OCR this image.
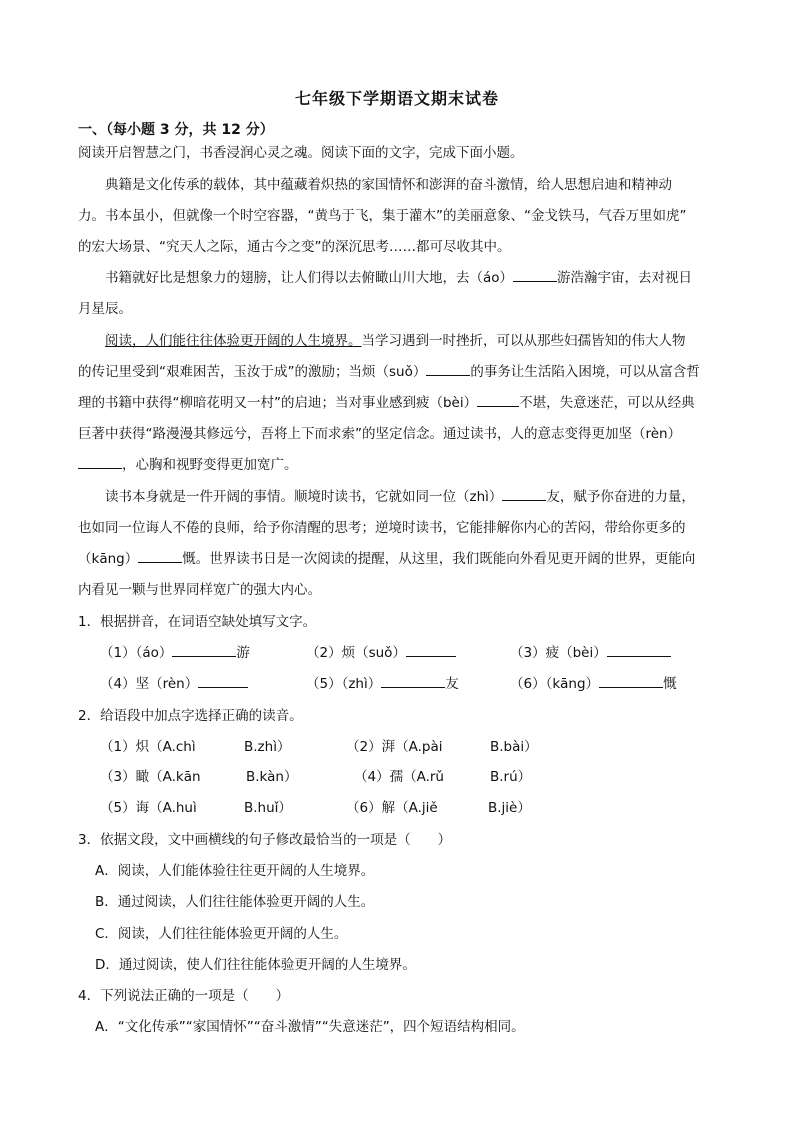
七年级下学期语文期末试卷
一、（每小题 3 分，共 12 分）
阅读开启智慧之门，书香浸润心灵之魂。阅读下面的文字，完成下面小题。
典籍是文化传承的载体，其中蕴藏着炽热的家国情怀和澎湃的奋斗激情，给人思想启迪和精神动
力。书本虽小，但就像一个时空容器，“黄鸟于飞，集于灌木”的美丽意象、“金戈铁马，气吞万里如虎”
的宏大场景、“究天人之际，通古今之变”的深沉思考……都可尽收其中。
书籍就好比是想象力的翅膀，让人们得以去俯瞰山川大地，去（áo）	游浩瀚宇宙，去对视日
月星辰。
阅读，人们能往往体验更开阔的人生境界。当学习遇到一时挫折，可以从那些妇孺皆知的伟大人物
的传记里受到“艰难困苦，玉汝于成”的激励；当烦（suǒ）	的事务让生活陷入困境，可以从富含哲
理的书籍中获得“柳暗花明又一村”的启迪；当对事业感到疲（bèi）	不堪，失意迷茫，可以从经典
巨著中获得“路漫漫其修远兮，吾将上下而求索”的坚定信念。通过读书，人的意志变得更加坚（rèn）
，心胸和视野变得更加宽广。
读书本身就是一件开阔的事情。顺境时读书，它就如同一位（zhì）	友，赋予你奋进的力量，
也如同一位诲人不倦的良师，给予你清醒的思考；逆境时读书，它能排解你内心的苦闷，带给你更多的
（kāng）	慨。世界读书日是一次阅读的提醒，从这里，我们既能向外看见更开阔的世界，更能向
内看见一颗与世界同样宽广的强大内心。
1．根据拼音，在词语空缺处填写文字。
（1）（áo）	游	（2）烦（suǒ）	（3）疲（bèi）
（4）坚（rèn）	（5）（zhì）	友	（6）（kāng）	慨
2．给语段中加点字选择正确的读音。
（1）炽（A.chì	B.zhì）	（2）湃（A.pài	B.bài）
（3）瞰（A.kān	B.kàn）	（4）孺（A.rǔ	B.rú）
（5）诲（A.huì	B.huǐ）	（6）解（A.jiě	B.jiè）
3．依据文段，文中画横线的句子修改最恰当的一项是（　　）
A．阅读，人们能体验往往更开阔的人生境界。
B．通过阅读，人们往往能体验更开阔的人生。
C．阅读，人们往往能体验更开阔的人生。
D．通过阅读，使人们往往能体验更开阔的人生境界。
4．下列说法正确的一项是（　　）
A．“文化传承”“家国情怀”“奋斗激情”“失意迷茫”，四个短语结构相同。
